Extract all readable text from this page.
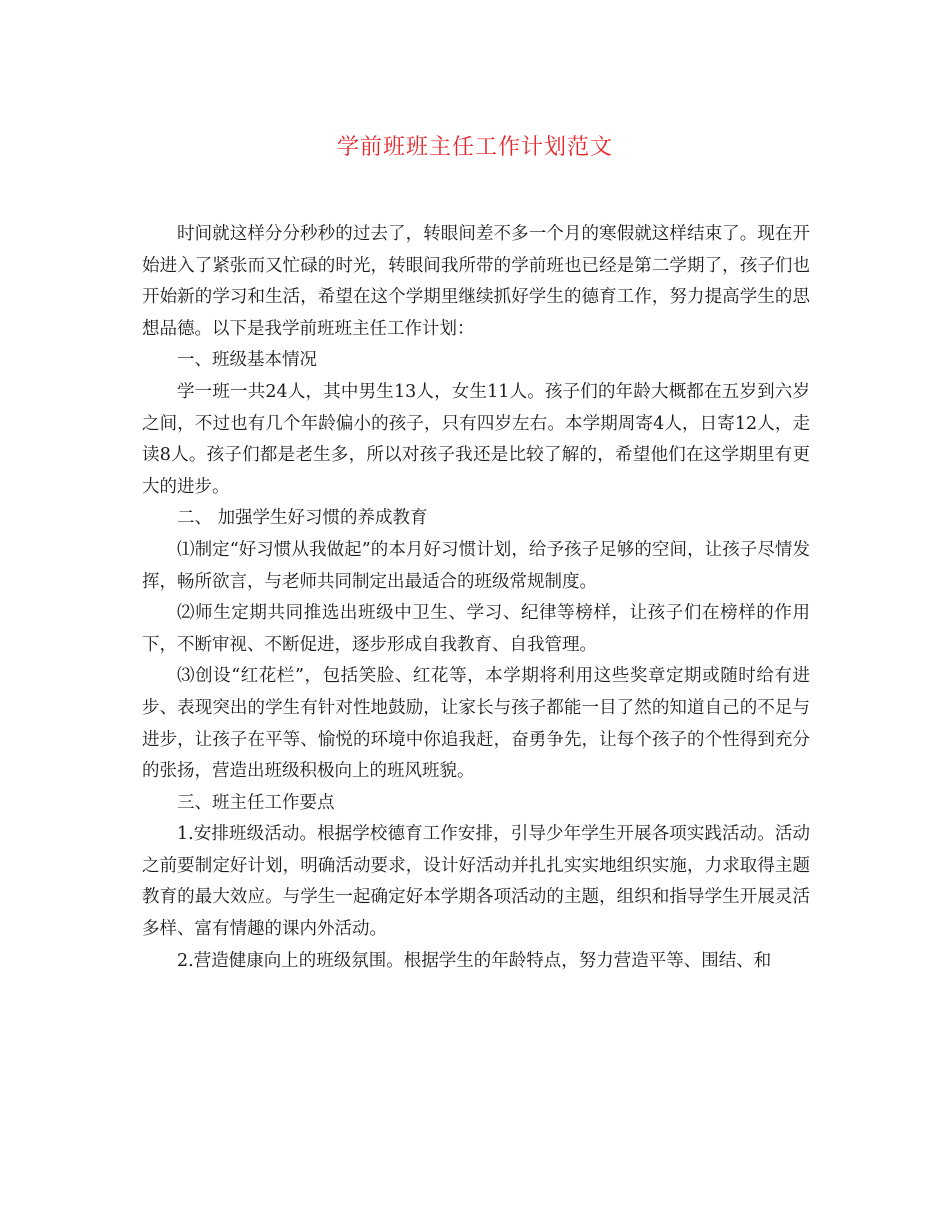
学前班班主任工作计划范文

时间就这样分分秒秒的过去了，转眼间差不多一个月的寒假就这样结束了。现在开始进入了紧张而又忙碌的时光，转眼间我所带的学前班也已经是第二学期了，孩子们也开始新的学习和生活，希望在这个学期里继续抓好学生的德育工作，努力提高学生的思想品德。以下是我学前班班主任工作计划：

一、班级基本情况

学一班一共24人，其中男生13人，女生11人。孩子们的年龄大概都在五岁到六岁之间，不过也有几个年龄偏小的孩子，只有四岁左右。本学期周寄4人，日寄12人，走读8人。孩子们都是老生多，所以对孩子我还是比较了解的，希望他们在这学期里有更大的进步。

二、 加强学生好习惯的养成教育

⑴制定“好习惯从我做起”的本月好习惯计划，给予孩子足够的空间，让孩子尽情发挥，畅所欲言，与老师共同制定出最适合的班级常规制度。

⑵师生定期共同推选出班级中卫生、学习、纪律等榜样，让孩子们在榜样的作用下，不断审视、不断促进，逐步形成自我教育、自我管理。

⑶创设“红花栏”，包括笑脸、红花等，本学期将利用这些奖章定期或随时给有进步、表现突出的学生有针对性地鼓励，让家长与孩子都能一目了然的知道自己的不足与进步，让孩子在平等、愉悦的环境中你追我赶，奋勇争先，让每个孩子的个性得到充分的张扬，营造出班级积极向上的班风班貌。

三、班主任工作要点

1.安排班级活动。根据学校德育工作安排，引导少年学生开展各项实践活动。活动之前要制定好计划，明确活动要求，设计好活动并扎扎实实地组织实施，力求取得主题教育的最大效应。与学生一起确定好本学期各项活动的主题，组织和指导学生开展灵活多样、富有情趣的课内外活动。

2.营造健康向上的班级氛围。根据学生的年龄特点，努力营造平等、围结、和
